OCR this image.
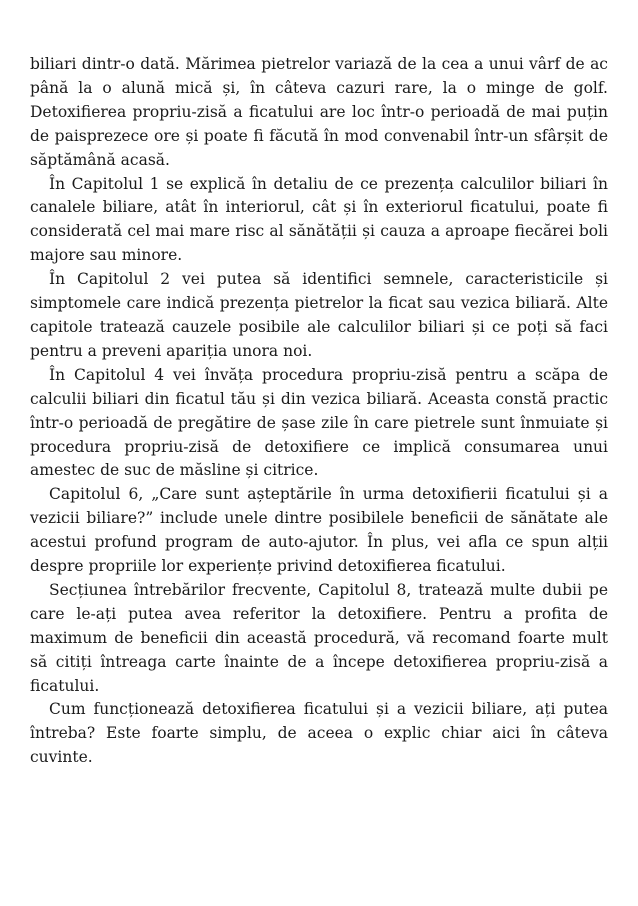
biliari dintr-o dată. Mărimea pietrelor variază de la cea a unui vârf de ac până la o alună mică și, în câteva cazuri rare, la o minge de golf. Detoxifierea propriu-zisă a ficatului are loc într-o perioadă de mai puțin de paisprezece ore și poate fi făcută în mod convenabil într-un sfârșit de săptămână acasă.

În Capitolul 1 se explică în detaliu de ce prezența calculilor biliari în canalele biliare, atât în interiorul, cât și în exteriorul ficatului, poate fi considerată cel mai mare risc al sănătății și cauza a aproape fiecărei boli majore sau minore.

În Capitolul 2 vei putea să identifici semnele, caracteristicile și simptomele care indică prezența pietrelor la ficat sau vezica biliară. Alte capitole tratează cauzele posibile ale calculilor biliari și ce poți să faci pentru a preveni apariția unora noi.

În Capitolul 4 vei învăța procedura propriu-zisă pentru a scăpa de calculii biliari din ficatul tău și din vezica biliară. Aceasta constă practic într-o perioadă de pregătire de șase zile în care pietrele sunt înmuiate și procedura propriu-zisă de detoxifiere ce implică consumarea unui amestec de suc de măsline și citrice.

Capitolul 6, „Care sunt așteptările în urma detoxifierii ficatului și a vezicii biliare?” include unele dintre posibilele beneficii de sănătate ale acestui profund program de auto-ajutor. În plus, vei afla ce spun alții despre propriile lor experiențe privind detoxifierea ficatului.

Secțiunea întrebărilor frecvente, Capitolul 8, tratează multe dubii pe care le-ați putea avea referitor la detoxifiere. Pentru a profita de maximum de beneficii din această procedură, vă recomand foarte mult să citiți întreaga carte înainte de a începe detoxifierea propriu-zisă a ficatului.

Cum funcționează detoxifierea ficatului și a vezicii biliare, ați putea întreba? Este foarte simplu, de aceea o explic chiar aici în câteva cuvinte.
